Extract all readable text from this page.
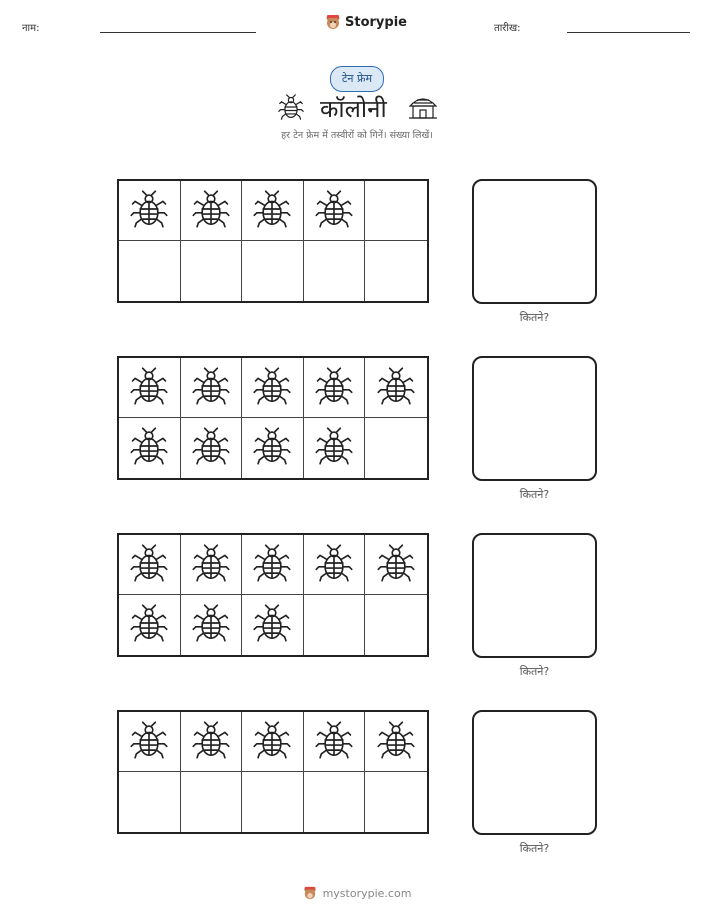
नाम:	Storypie	तारीख:
टेन फ्रेम
कॉलोनी
हर टेन फ्रेम में तस्वीरों को गिनें। संख्या लिखें।
कितने?
कितने?
कितने?
कितने?
mystorypie.com
